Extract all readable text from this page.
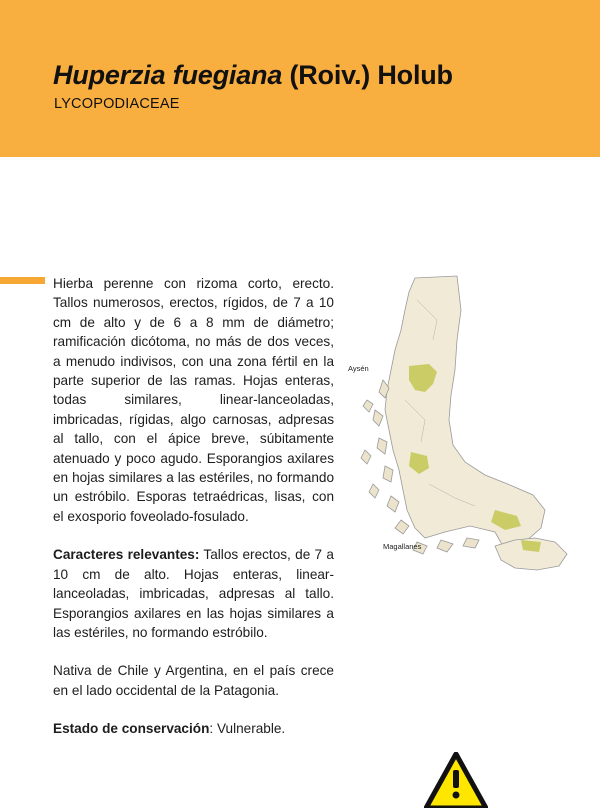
Huperzia fuegiana (Roiv.) Holub
LYCOPODIACEAE

Hierba perenne con rizoma corto, erecto. Tallos numerosos, erectos, rígidos, de 7 a 10 cm de alto y de 6 a 8 mm de diámetro; ramificación dicótoma, no más de dos veces, a menudo indivisos, con una zona fértil en la parte superior de las ramas. Hojas enteras, todas similares, linear-lanceoladas, imbricadas, rígidas, algo carnosas, adpresas al tallo, con el ápice breve, súbitamente atenuado y poco agudo. Esporangios axilares en hojas similares a las estériles, no formando un estróbilo. Esporas tetraédricas, lisas, con el exosporio foveolado-fosulado.

Caracteres relevantes: Tallos erectos, de 7 a 10 cm de alto. Hojas enteras, linear-lanceoladas, imbricadas, adpresas al tallo. Esporangios axilares en las hojas similares a las estériles, no formando estróbilo.

Nativa de Chile y Argentina, en el país crece en el lado occidental de la Patagonia.

Estado de conservación: Vulnerable.

Aysén
Magallanes
